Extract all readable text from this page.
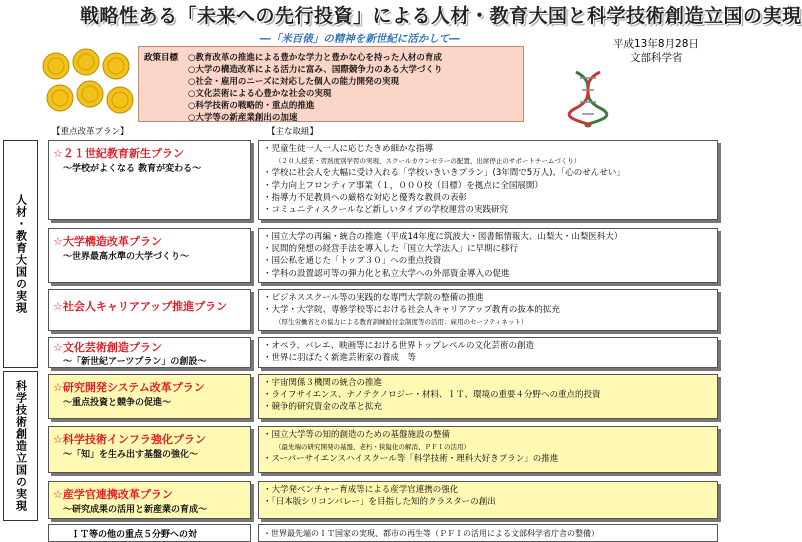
戦略性ある「未来への先行投資」による人材・教育大国と科学技術創造立国の実現
―「米百俵」の精神を新世紀に活かして―	平成13年8月28日
文部科学省
政策目標 ○教育改革の推進による豊かな学力と豊かな心を持った人材の育成
○大学の構造改革による活力に富み、国際競争力のある大学づくり
○社会・雇用のニーズに対応した個人の能力開発の実現
○文化芸術による心豊かな社会の実現
○科学技術の戦略的・重点的推進
○大学等の新産業創出の加速
【重点改革プラン】	【主な取組】
人材・教育大国の実現
科学技術創造立国の実現
☆２１世紀教育新生プラン
～学校がよくなる 教育が変わる～
・児童生徒一人一人に応じたきめ細かな指導
（２０人授業・習熟度別学習の実現、スクールカウンセラーの配置、出席停止のサポートチームづくり）
・学校に社会人を大幅に受け入れる「学校いきいきプラン」(3年間で5万人)、「心のせんせい」
・学力向上フロンティア事業（１，０００校（目標）を拠点に全国展開）
・指導力不足教員への厳格な対応と優秀な教員の表彰
・コミュニティスクールなど新しいタイプの学校運営の実践研究
☆大学構造改革プラン
～世界最高水準の大学づくり～
・国立大学の再編・統合の推進（平成14年度に筑波大・図書館情報大、山梨大・山梨医科大）
・民間的発想の経営手法を導入した「国立大学法人」に早期に移行
・国公私を通じた「トップ３０」への重点投資
・学科の設置認可等の弾力化と私立大学への外部資金導入の促進
☆社会人キャリアアップ推進プラン
・ビジネススクール等の実践的な専門大学院の整備の推進
・大学・大学院、専修学校等における社会人キャリアアップ教育の抜本的拡充
（厚生労働省との協力による教育訓練給付金制度等の活用：雇用のセーフティネット）
☆文化芸術創造プラン
～「新世紀アーツプラン」の創設～
・オペラ、バレエ、映画等における世界トップレベルの文化芸術の創造
・世界に羽ばたく新進芸術家の養成　等
☆研究開発システム改革プラン
～重点投資と競争の促進～
・宇宙関係３機関の統合の推進
・ライフサイエンス、ナノテクノロジー・材料、ＩＴ、環境の重要４分野への重点的投資
・競争的研究資金の改革と拡充
☆科学技術インフラ強化プラン
～「知」を生み出す基盤の強化～
・国立大学等の知的創造のための基盤施設の整備
（最先端の研究開発の基盤、老朽・狭隘化の解消、ＰＦＩの活用）
・スーパーサイエンスハイスクール等「科学技術・理科大好きプラン」の推進
☆産学官連携改革プラン
～研究成果の活用と新産業の育成～
・大学発ベンチャー育成等による産学官連携の強化
・「日本版シリコンバレー」を目指した知的クラスターの創出
ＩＴ等の他の重点５分野への対	・世界最先端のＩＴ国家の実現、都市の再生等（ＰＦＩの活用による文部科学省庁舎の整備）
